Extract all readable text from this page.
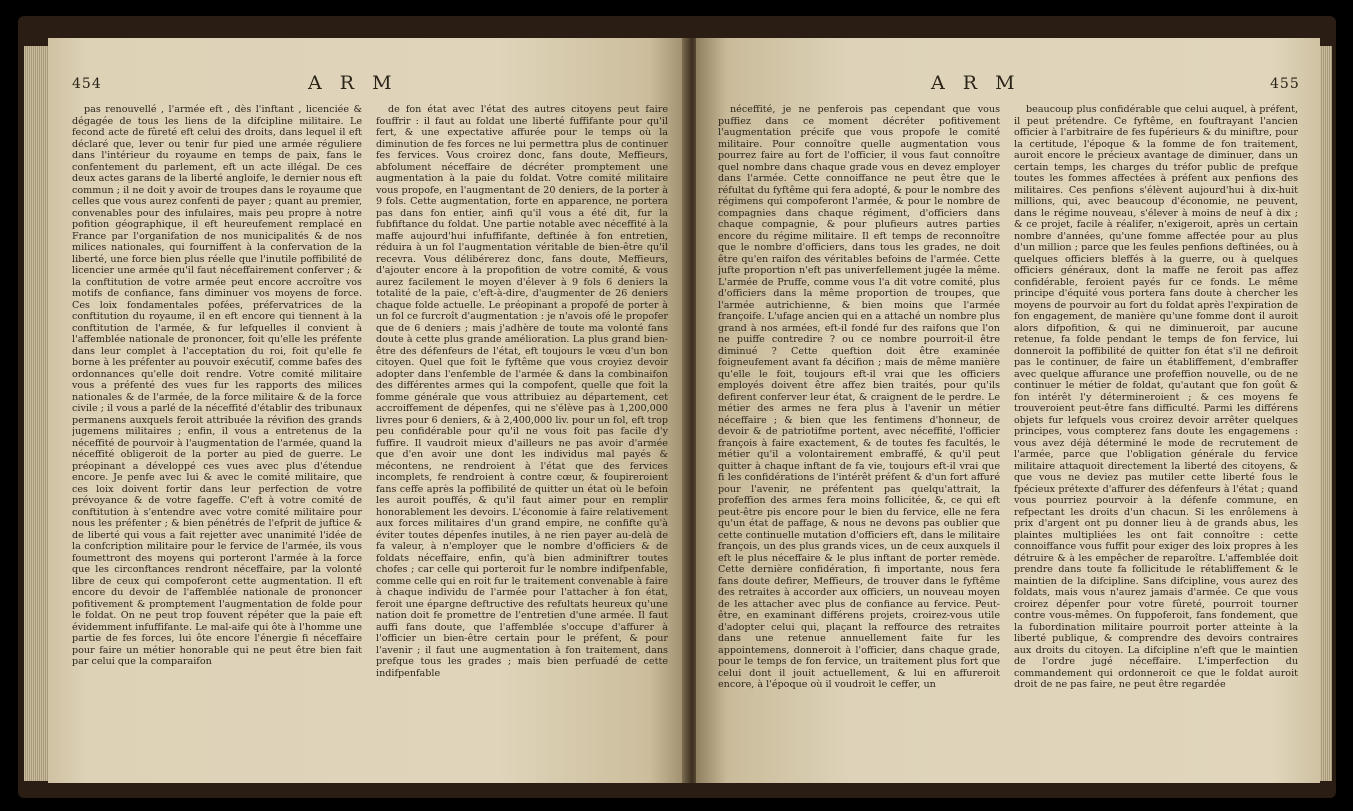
454	A R M

pas renouvellé , l'armée eft , dès l'inftant , licenciée & dégagée de tous les liens de la difcipline militaire. Le fecond acte de fûreté eft celui des droits, dans lequel il eft déclaré que, lever ou tenir fur pied une armée réguliere dans l'intérieur du royaume en temps de paix, fans le confentement du parlement, eft un acte illégal. De ces deux actes garans de la liberté angloife, le dernier nous eft commun ; il ne doit y avoir de troupes dans le royaume que celles que vous aurez confenti de payer ; quant au premier, convenables pour des infulaires, mais peu propre à notre pofition géographique, il eft heureufement remplacé en France par l'organifation de nos municipalités & de nos milices nationales, qui fourniffent à la confervation de la liberté, une force bien plus réelle que l'inutile poffibilité de licencier une armée qu'il faut néceffairement conferver ; & la conftitution de votre armée peut encore accroître vos motifs de confiance, fans diminuer vos moyens de force. Ces loix fondamentales pofées, préfervatrices de la conftitution du royaume, il en eft encore qui tiennent à la conftitution de l'armée, & fur lefquelles il convient à l'affemblée nationale de prononcer, foit qu'elle les préfente dans leur complet à l'acceptation du roi, foit qu'elle fe borne à les préfenter au pouvoir exécutif, comme bafes des ordonnances qu'elle doit rendre. Votre comité militaire vous a préfenté des vues fur les rapports des milices nationales & de l'armée, de la force militaire & de la force civile ; il vous a parlé de la néceffité d'établir des tribunaux permanens auxquels feroit attribuée la révifion des grands jugemens militaires ; enfin, il vous a entretenus de la néceffité de pourvoir à l'augmentation de l'armée, quand la néceffité obligeroit de la porter au pied de guerre. Le préopinant a développé ces vues avec plus d'étendue encore. Je penfe avec lui & avec le comité militaire, que ces loix doivent fortir dans leur perfection de votre prévoyance & de votre fageffe. C'eft à votre comité de conftitution à s'entendre avec votre comité militaire pour nous les préfenter ; & bien pénétrés de l'efprit de juftice & de liberté qui vous a fait rejetter avec unanimité l'idée de la confcription militaire pour le fervice de l'armée, ils vous foumettront des moyens qui porteront l'armée à la force que les circonftances rendront néceffaire, par la volonté libre de ceux qui compoferont cette augmentation. Il eft encore du devoir de l'affemblée nationale de prononcer pofitivement & promptement l'augmentation de folde pour le foldat. On ne peut trop fouvent répéter que la paie eft évidemment infuffifante. Le mal-aife qui ôte à l'homme une partie de fes forces, lui ôte encore l'énergie fi néceffaire pour faire un métier honorable qui ne peut être bien fait par celui que la comparaifon

de fon état avec l'état des autres citoyens peut faire fouffrir : il faut au foldat une liberté fuffifante pour qu'il fert, & une expectative affurée pour le temps où la diminution de fes forces ne lui permettra plus de continuer fes fervices. Vous croirez donc, fans doute, Meffieurs, abfolument néceffaire de décréter promptement une augmentation à la paie du foldat. Votre comité militaire vous propofe, en l'augmentant de 20 deniers, de la porter à 9 fols. Cette augmentation, forte en apparence, ne portera pas dans fon entier, ainfi qu'il vous a été dit, fur la fubfiftance du foldat. Une partie notable avec néceffité à la maffe aujourd'hui infuffifante, deftinée à fon entretien, réduira à un fol l'augmentation véritable de bien-être qu'il recevra. Vous délibérerez donc, fans doute, Meffieurs, d'ajouter encore à la propofition de votre comité, & vous aurez facilement le moyen d'élever à 9 fols 6 deniers la totalité de la paie, c'eft-à-dire, d'augmenter de 26 deniers chaque folde actuelle. Le préopinant a propofé de porter à un fol ce furcroît d'augmentation : je n'avois ofé le propofer que de 6 deniers ; mais j'adhère de toute ma volonté fans doute à cette plus grande amélioration. La plus grand bien-être des défenfeurs de l'état, eft toujours le vœu d'un bon citoyen. Quel que foit le fyftême que vous croyiez devoir adopter dans l'enfemble de l'armée & dans la combinaifon des différentes armes qui la compofent, quelle que foit la fomme générale que vous attribuiez au département, cet accroiffement de dépenfes, qui ne s'élève pas à 1,200,000 livres pour 6 deniers, & à 2,400,000 liv. pour un fol, eft trop peu confidérable pour qu'il ne vous foit pas facile d'y fuffire. Il vaudroit mieux d'ailleurs ne pas avoir d'armée que d'en avoir une dont les individus mal payés & mécontens, ne rendroient à l'état que des fervices incomplets, fe rendroient à contre cœur, & foupireroient fans ceffe après la poffibilité de quitter un état où le befoin les auroit pouffés, & qu'il faut aimer pour en remplir honorablement les devoirs. L'économie à faire relativement aux forces militaires d'un grand empire, ne confifte qu'à éviter toutes dépenfes inutiles, à ne rien payer au-delà de fa valeur, à n'employer que le nombre d'officiers & de foldats néceffaire, enfin, qu'à bien adminiftrer toutes chofes ; car celle qui porteroit fur le nombre indifpenfable, comme celle qui en roit fur le traitement convenable à faire à chaque individu de l'armée pour l'attacher à fon état, feroit une épargne deftructive des refultats heureux qu'une nation doit fe promettre de l'entretien d'une armée. Il faut auffi fans doute, que l'affemblée s'occupe d'affurer à l'officier un bien-être certain pour le préfent, & pour l'avenir ; il faut une augmentation à fon traitement, dans prefque tous les grades ; mais bien perfuadé de cette indifpenfable

A R M	455

néceffité, je ne penferois pas cependant que vous puffiez dans ce moment décréter pofitivement l'augmentation précife que vous propofe le comité militaire. Pour connoître quelle augmentation vous pourrez faire au fort de l'officier, il vous faut connoître quel nombre dans chaque grade vous en devez employer dans l'armée. Cette connoiffance ne peut être que le réfultat du fyftême qui fera adopté, & pour le nombre des régimens qui compoferont l'armée, & pour le nombre de compagnies dans chaque régiment, d'officiers dans chaque compagnie, & pour plufieurs autres parties encore du régime militaire. Il eft temps de reconnoître que le nombre d'officiers, dans tous les grades, ne doit être qu'en raifon des véritables befoins de l'armée. Cette jufte proportion n'eft pas univerfellement jugée la même. L'armée de Pruffe, comme vous l'a dit votre comité, plus d'officiers dans la même proportion de troupes, que l'armée autrichienne, & bien moins que l'armée françoife. L'ufage ancien qui en a attaché un nombre plus grand à nos armées, eft-il fondé fur des raifons que l'on ne puiffe contredire ? ou ce nombre pourroit-il être diminué ? Cette queftion doit être examinée foigneufement avant fa décifion ; mais de même manière qu'elle le foit, toujours eft-il vrai que les officiers employés doivent être affez bien traités, pour qu'ils defirent conferver leur état, & craignent de le perdre. Le métier des armes ne fera plus à l'avenir un métier néceffaire ; & bien que les fentimens d'honneur, de devoir & de patriotifme portent, avec néceffité, l'officier françois à faire exactement, & de toutes fes facultés, le métier qu'il a volontairement embraffé, & qu'il peut quitter à chaque inftant de fa vie, toujours eft-il vrai que fi les confidérations de l'intérêt préfent & d'un fort affuré pour l'avenir, ne préfentent pas quelqu'attrait, la profeffion des armes fera moins follicitée, &, ce qui eft peut-être pis encore pour le bien du fervice, elle ne fera qu'un état de paffage, & nous ne devons pas oublier que cette continuelle mutation d'officiers eft, dans le militaire françois, un des plus grands vices, un de ceux auxquels il eft le plus néceffaire & le plus inftant de porter remède. Cette dernière confidération, fi importante, nous fera fans doute defirer, Meffieurs, de trouver dans le fyftême des retraites à accorder aux officiers, un nouveau moyen de les attacher avec plus de confiance au fervice. Peut-être, en examinant différens projets, croirez-vous utile d'adopter celui qui, plaçant la reffource des retraites dans une retenue annuellement faite fur les appointemens, donneroit à l'officier, dans chaque grade, pour le temps de fon fervice, un traitement plus fort que celui dont il jouit actuellement, & lui en affureroit encore, à l'époque où il voudroit le ceffer, un

beaucoup plus confidérable que celui auquel, à préfent, il peut prétendre. Ce fyftême, en fouftrayant l'ancien officier à l'arbitraire de fes fupérieurs & du miniftre, pour la certitude, l'époque & la fomme de fon traitement, auroit encore le précieux avantage de diminuer, dans un certain temps, les charges du tréfor public de prefque toutes les fommes affectées à préfent aux penfions des militaires. Ces penfions s'élèvent aujourd'hui à dix-huit millions, qui, avec beaucoup d'économie, ne peuvent, dans le régime nouveau, s'élever à moins de neuf à dix ; & ce projet, facile à réalifer, n'exigeroit, après un certain nombre d'années, qu'une fomme affectée pour au plus d'un million ; parce que les feules penfions deftinées, ou à quelques officiers bleffés à la guerre, ou à quelques officiers généraux, dont la maffe ne feroit pas affez confidérable, feroient payés fur ce fonds. Le même principe d'équité vous portera fans doute à chercher les moyens de pourvoir au fort du foldat après l'expiration de fon engagement, de manière qu'une fomme dont il auroit alors difpofition, & qui ne diminueroit, par aucune retenue, fa folde pendant le temps de fon fervice, lui donneroit la poffibilité de quitter fon état s'il ne defiroit pas le continuer, de faire un établiffement, d'embraffer avec quelque affurance une profeffion nouvelle, ou de ne continuer le métier de foldat, qu'autant que fon goût & fon intérêt l'y détermineroient ; & ces moyens fe trouveroient peut-être fans difficulté. Parmi les différens objets fur lefquels vous croirez devoir arrêter quelques principes, vous compterez fans doute les engagemens : vous avez déjà déterminé le mode de recrutement de l'armée, parce que l'obligation générale du fervice militaire attaquoit directement la liberté des citoyens, & que vous ne deviez pas mutiler cette liberté fous le fpécieux prétexte d'affurer des défenfeurs à l'état ; quand vous pourriez pourvoir à la défenfe commune, en refpectant les droits d'un chacun. Si les enrôlemens à prix d'argent ont pu donner lieu à de grands abus, les plaintes multipliées les ont fait connoître : cette connoiffance vous fuffit pour exiger des loix propres à les détruire & à les empêcher de reparoître. L'affemblée doit prendre dans toute fa follicitude le rétabliffement & le maintien de la difcipline. Sans difcipline, vous aurez des foldats, mais vous n'aurez jamais d'armée. Ce que vous croirez dépenfer pour votre fûreté, pourroit tourner contre vous-mêmes. On fuppoferoit, fans fondement, que la fubordination militaire pourroit porter atteinte à la liberté publique, & comprendre des devoirs contraires aux droits du citoyen. La difcipline n'eft que le maintien de l'ordre jugé néceffaire. L'imperfection du commandement qui ordonneroit ce que le foldat auroit droit de ne pas faire, ne peut être regardée
